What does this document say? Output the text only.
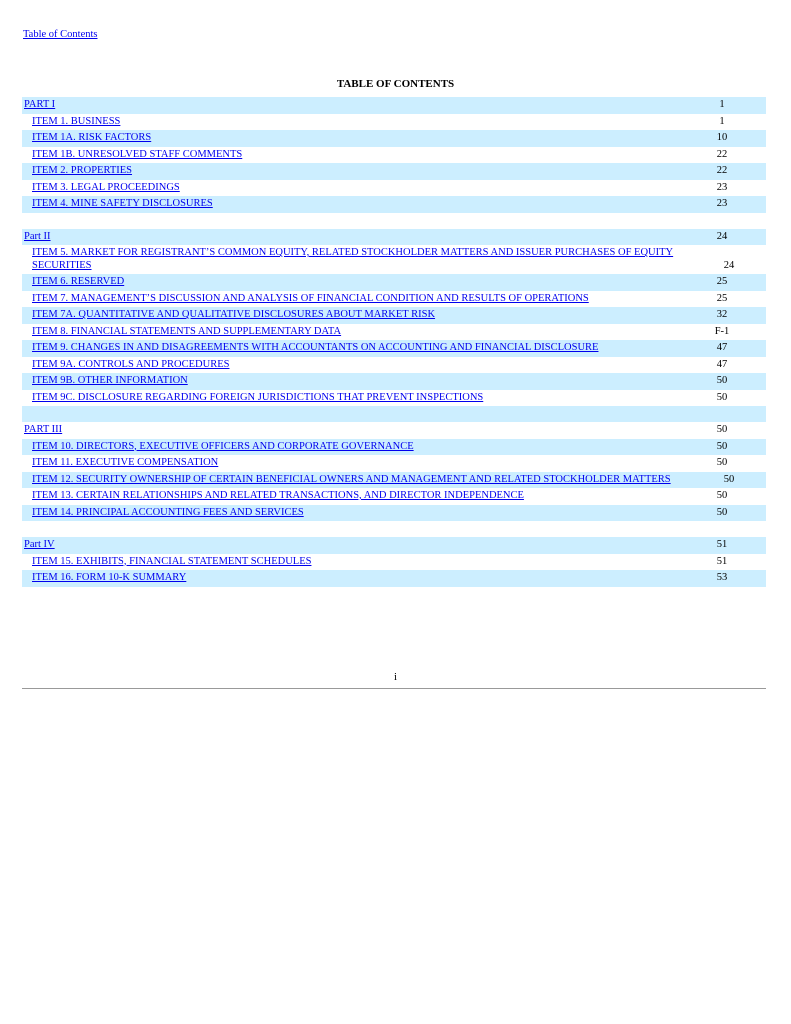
Table of Contents
TABLE OF CONTENTS
PART I	1
ITEM 1. BUSINESS	1
ITEM 1A. RISK FACTORS	10
ITEM 1B. UNRESOLVED STAFF COMMENTS	22
ITEM 2. PROPERTIES	22
ITEM 3. LEGAL PROCEEDINGS	23
ITEM 4. MINE SAFETY DISCLOSURES	23
Part II	24
ITEM 5. MARKET FOR REGISTRANT’S COMMON EQUITY, RELATED STOCKHOLDER MATTERS AND ISSUER PURCHASES OF EQUITY SECURITIES	24
ITEM 6. RESERVED	25
ITEM 7. MANAGEMENT’S DISCUSSION AND ANALYSIS OF FINANCIAL CONDITION AND RESULTS OF OPERATIONS	25
ITEM 7A. QUANTITATIVE AND QUALITATIVE DISCLOSURES ABOUT MARKET RISK	32
ITEM 8. FINANCIAL STATEMENTS AND SUPPLEMENTARY DATA	F-1
ITEM 9. CHANGES IN AND DISAGREEMENTS WITH ACCOUNTANTS ON ACCOUNTING AND FINANCIAL DISCLOSURE	47
ITEM 9A. CONTROLS AND PROCEDURES	47
ITEM 9B. OTHER INFORMATION	50
ITEM 9C. DISCLOSURE REGARDING FOREIGN JURISDICTIONS THAT PREVENT INSPECTIONS	50
PART III	50
ITEM 10. DIRECTORS, EXECUTIVE OFFICERS AND CORPORATE GOVERNANCE	50
ITEM 11. EXECUTIVE COMPENSATION	50
ITEM 12. SECURITY OWNERSHIP OF CERTAIN BENEFICIAL OWNERS AND MANAGEMENT AND RELATED STOCKHOLDER MATTERS	50
ITEM 13. CERTAIN RELATIONSHIPS AND RELATED TRANSACTIONS, AND DIRECTOR INDEPENDENCE	50
ITEM 14. PRINCIPAL ACCOUNTING FEES AND SERVICES	50
Part IV	51
ITEM 15. EXHIBITS, FINANCIAL STATEMENT SCHEDULES	51
ITEM 16. FORM 10-K SUMMARY	53
i
